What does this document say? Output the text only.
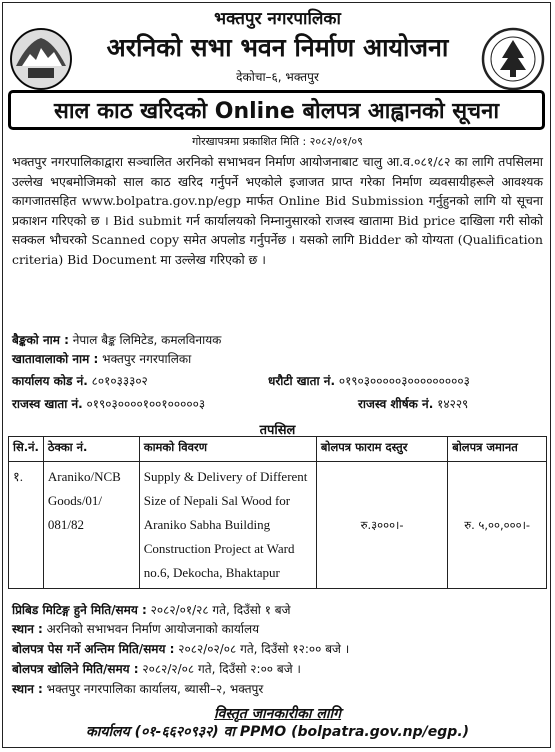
भक्तपुर नगरपालिका
अरनिको सभा भवन निर्माण आयोजना
देकोचा–६, भक्तपुर
साल काठ खरिदको Online बोलपत्र आह्वानको सूचना
गोरखापत्रमा प्रकाशित मिति : २०८२/०१/०९
भक्तपुर नगरपालिकाद्वारा सञ्चालित अरनिको सभाभवन निर्माण आयोजनाबाट चालु आ.व.०८१/८२ का लागि तपसिलमा उल्लेख भएबमोजिमको साल काठ खरिद गर्नुपर्ने भएकोले इजाजत प्राप्त गरेका निर्माण व्यवसायीहरूले आवश्यक कागजातसहित www.bolpatra.gov.np/egp मार्फत Online Bid Submission गर्नुहुनको लागि यो सूचना प्रकाशन गरिएको छ । Bid submit गर्न कार्यालयको निम्नानुसारको राजस्व खातामा Bid price दाखिला गरी सोको सक्कल भौचरको Scanned copy समेत अपलोड गर्नुपर्नेछ । यसको लागि Bidder को योग्यता (Qualification criteria) Bid Document मा उल्लेख गरिएको छ ।
बैङ्कको नाम : नेपाल बैङ्क लिमिटेड, कमलविनायक
खातावालाको नाम : भक्तपुर नगरपालिका
कार्यालय कोड नं. ८०१०३३३०२	धरौटी खाता नं. ०१९०३०००००३०००००००००३
राजस्व खाता नं. ०१९०३००००१००१०००००३	राजस्व शीर्षक नं. १४२२९
तपसिल
सि.नं.	ठेक्का नं.	कामको विवरण	बोलपत्र फाराम दस्तुर	बोलपत्र जमानत
१.	Araniko/NCB Goods/01/ 081/82	Supply & Delivery of Different Size of Nepali Sal Wood for Araniko Sabha Building Construction Project at Ward no.6, Dekocha, Bhaktapur	रु.३०००।-	रु. ५,००,०००।-
प्रिबिड मिटिङ्ग हुने मिति/समय : २०८२/०१/२८ गते, दिउँसो १ बजे
स्थान : अरनिको सभाभवन निर्माण आयोजनाको कार्यालय
बोलपत्र पेस गर्ने अन्तिम मिति/समय : २०८२/०२/०८ गते, दिउँसो १२:०० बजे ।
बोलपत्र खोलिने मिति/समय : २०८२/२/०८ गते, दिउँसो २:०० बजे ।
स्थान : भक्तपुर नगरपालिका कार्यालय, ब्यासी–२, भक्तपुर
विस्तृत जानकारीका लागि
कार्यालय (०१-६६२०९३२) वा PPMO (bolpatra.gov.np/egp.)
